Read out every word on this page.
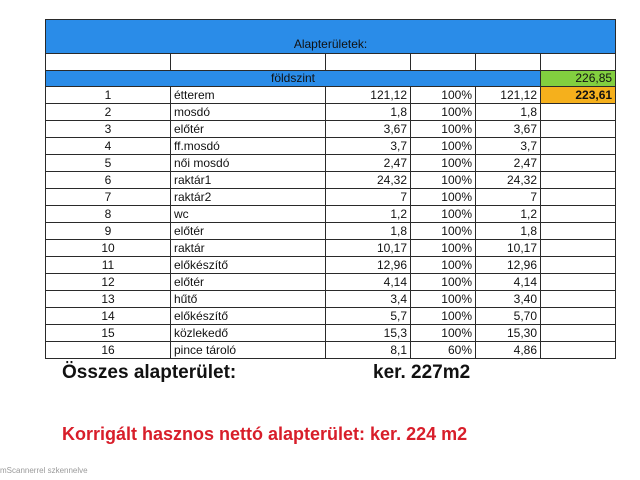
Alapterületek:					

földszint					226,85
1	étterem	121,12	100%	121,12	223,61
2	mosdó	1,8	100%	1,8	
3	előtér	3,67	100%	3,67	
4	ff.mosdó	3,7	100%	3,7	
5	női mosdó	2,47	100%	2,47	
6	raktár1	24,32	100%	24,32	
7	raktár2	7	100%	7	
8	wc	1,2	100%	1,2	
9	előtér	1,8	100%	1,8	
10	raktár	10,17	100%	10,17	
11	előkészítő	12,96	100%	12,96	
12	előtér	4,14	100%	4,14	
13	hűtő	3,4	100%	3,40	
14	előkészítő	5,7	100%	5,70	
15	közlekedő	15,3	100%	15,30	
16	pince tároló	8,1	60%	4,86	

Összes alapterület:	ker. 227m2

Korrigált hasznos nettó alapterület: ker. 224 m2

mScannerrel szkennelve
